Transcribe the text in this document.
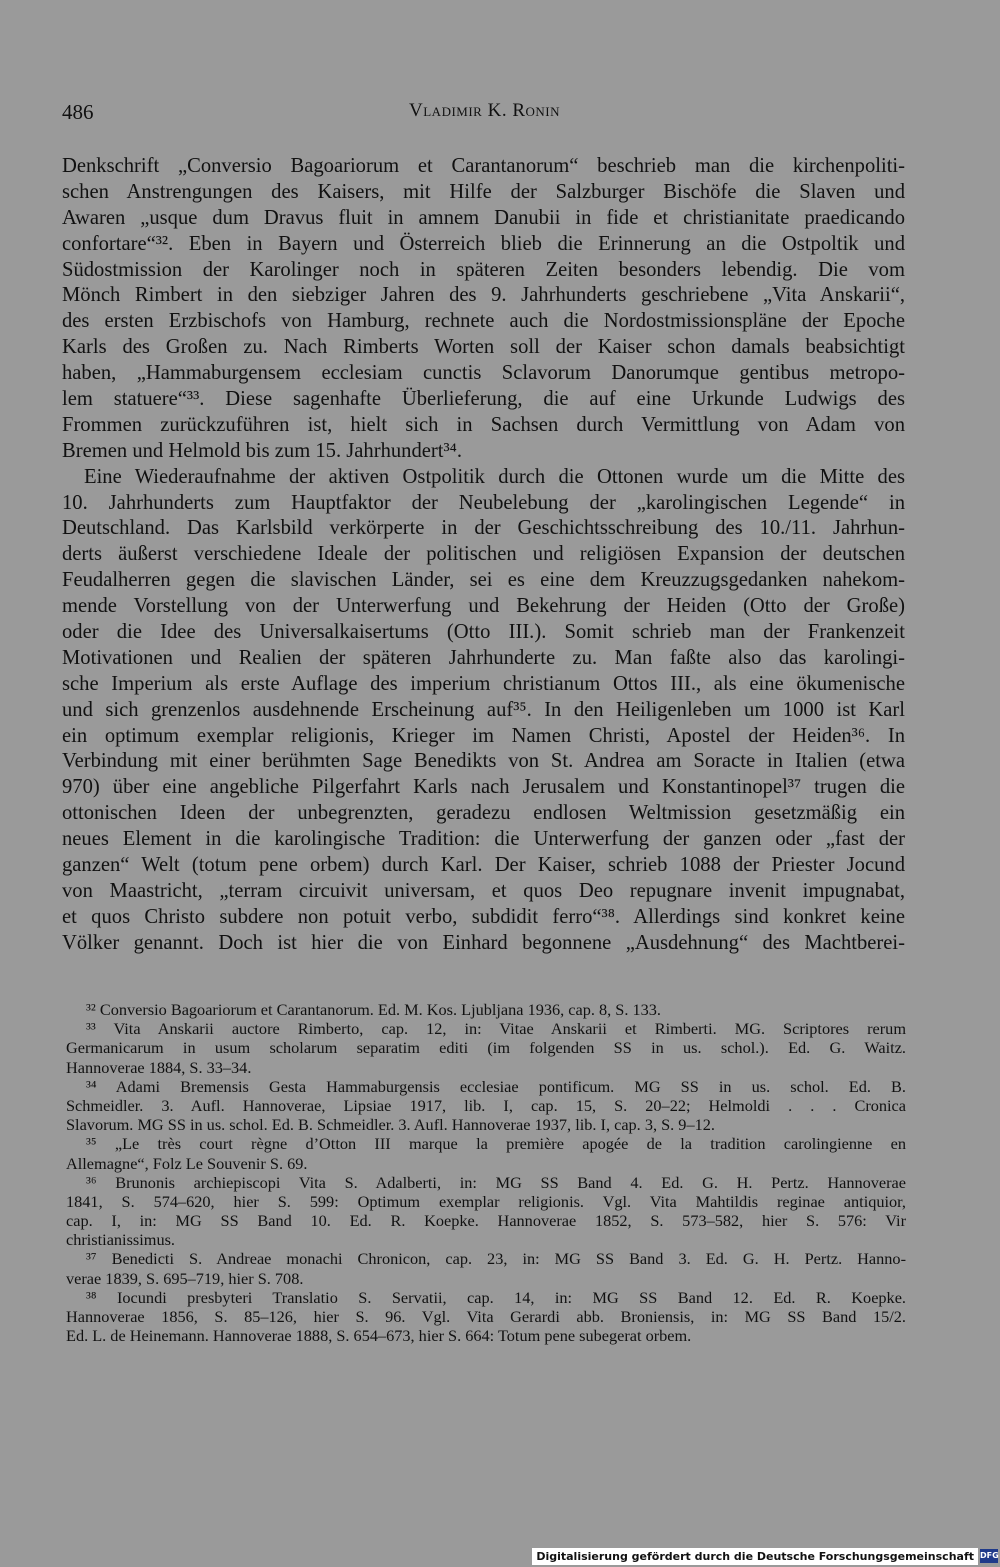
486	Vladimir K. Ronin
Denkschrift „Conversio Bagoariorum et Carantanorum“ beschrieb man die kirchenpoliti-
schen Anstrengungen des Kaisers, mit Hilfe der Salzburger Bischöfe die Slaven und
Awaren „usque dum Dravus fluit in amnem Danubii in fide et christianitate praedicando
confortare“³². Eben in Bayern und Österreich blieb die Erinnerung an die Ostpoltik und
Südostmission der Karolinger noch in späteren Zeiten besonders lebendig. Die vom
Mönch Rimbert in den siebziger Jahren des 9. Jahrhunderts geschriebene „Vita Anskarii“,
des ersten Erzbischofs von Hamburg, rechnete auch die Nordostmissionspläne der Epoche
Karls des Großen zu. Nach Rimberts Worten soll der Kaiser schon damals beabsichtigt
haben, „Hammaburgensem ecclesiam cunctis Sclavorum Danorumque gentibus metropo-
lem statuere“³³. Diese sagenhafte Überlieferung, die auf eine Urkunde Ludwigs des
Frommen zurückzuführen ist, hielt sich in Sachsen durch Vermittlung von Adam von
Bremen und Helmold bis zum 15. Jahrhundert³⁴.
Eine Wiederaufnahme der aktiven Ostpolitik durch die Ottonen wurde um die Mitte des
10. Jahrhunderts zum Hauptfaktor der Neubelebung der „karolingischen Legende“ in
Deutschland. Das Karlsbild verkörperte in der Geschichtsschreibung des 10./11. Jahrhun-
derts äußerst verschiedene Ideale der politischen und religiösen Expansion der deutschen
Feudalherren gegen die slavischen Länder, sei es eine dem Kreuzzugsgedanken nahekom-
mende Vorstellung von der Unterwerfung und Bekehrung der Heiden (Otto der Große)
oder die Idee des Universalkaisertums (Otto III.). Somit schrieb man der Frankenzeit
Motivationen und Realien der späteren Jahrhunderte zu. Man faßte also das karolingi-
sche Imperium als erste Auflage des imperium christianum Ottos III., als eine ökumenische
und sich grenzenlos ausdehnende Erscheinung auf³⁵. In den Heiligenleben um 1000 ist Karl
ein optimum exemplar religionis, Krieger im Namen Christi, Apostel der Heiden³⁶. In
Verbindung mit einer berühmten Sage Benedikts von St. Andrea am Soracte in Italien (etwa
970) über eine angebliche Pilgerfahrt Karls nach Jerusalem und Konstantinopel³⁷ trugen die
ottonischen Ideen der unbegrenzten, geradezu endlosen Weltmission gesetzmäßig ein
neues Element in die karolingische Tradition: die Unterwerfung der ganzen oder „fast der
ganzen“ Welt (totum pene orbem) durch Karl. Der Kaiser, schrieb 1088 der Priester Jocund
von Maastricht, „terram circuivit universam, et quos Deo repugnare invenit impugnabat,
et quos Christo subdere non potuit verbo, subdidit ferro“³⁸. Allerdings sind konkret keine
Völker genannt. Doch ist hier die von Einhard begonnene „Ausdehnung“ des Machtberei-
³² Conversio Bagoariorum et Carantanorum. Ed. M. Kos. Ljubljana 1936, cap. 8, S. 133.
³³ Vita Anskarii auctore Rimberto, cap. 12, in: Vitae Anskarii et Rimberti. MG. Scriptores rerum
Germanicarum in usum scholarum separatim editi (im folgenden SS in us. schol.). Ed. G. Waitz.
Hannoverae 1884, S. 33–34.
³⁴ Adami Bremensis Gesta Hammaburgensis ecclesiae pontificum. MG SS in us. schol. Ed. B.
Schmeidler. 3. Aufl. Hannoverae, Lipsiae 1917, lib. I, cap. 15, S. 20–22; Helmoldi . . . Cronica
Slavorum. MG SS in us. schol. Ed. B. Schmeidler. 3. Aufl. Hannoverae 1937, lib. I, cap. 3, S. 9–12.
³⁵ „Le très court règne d’Otton III marque la première apogée de la tradition carolingienne en
Allemagne“, Folz Le Souvenir S. 69.
³⁶ Brunonis archiepiscopi Vita S. Adalberti, in: MG SS Band 4. Ed. G. H. Pertz. Hannoverae
1841, S. 574–620, hier S. 599: Optimum exemplar religionis. Vgl. Vita Mahtildis reginae antiquior,
cap. I, in: MG SS Band 10. Ed. R. Koepke. Hannoverae 1852, S. 573–582, hier S. 576: Vir
christianissimus.
³⁷ Benedicti S. Andreae monachi Chronicon, cap. 23, in: MG SS Band 3. Ed. G. H. Pertz. Hanno-
verae 1839, S. 695–719, hier S. 708.
³⁸ Iocundi presbyteri Translatio S. Servatii, cap. 14, in: MG SS Band 12. Ed. R. Koepke.
Hannoverae 1856, S. 85–126, hier S. 96. Vgl. Vita Gerardi abb. Broniensis, in: MG SS Band 15/2.
Ed. L. de Heinemann. Hannoverae 1888, S. 654–673, hier S. 664: Totum pene subegerat orbem.
Digitalisierung gefördert durch die Deutsche Forschungsgemeinschaft DFG
